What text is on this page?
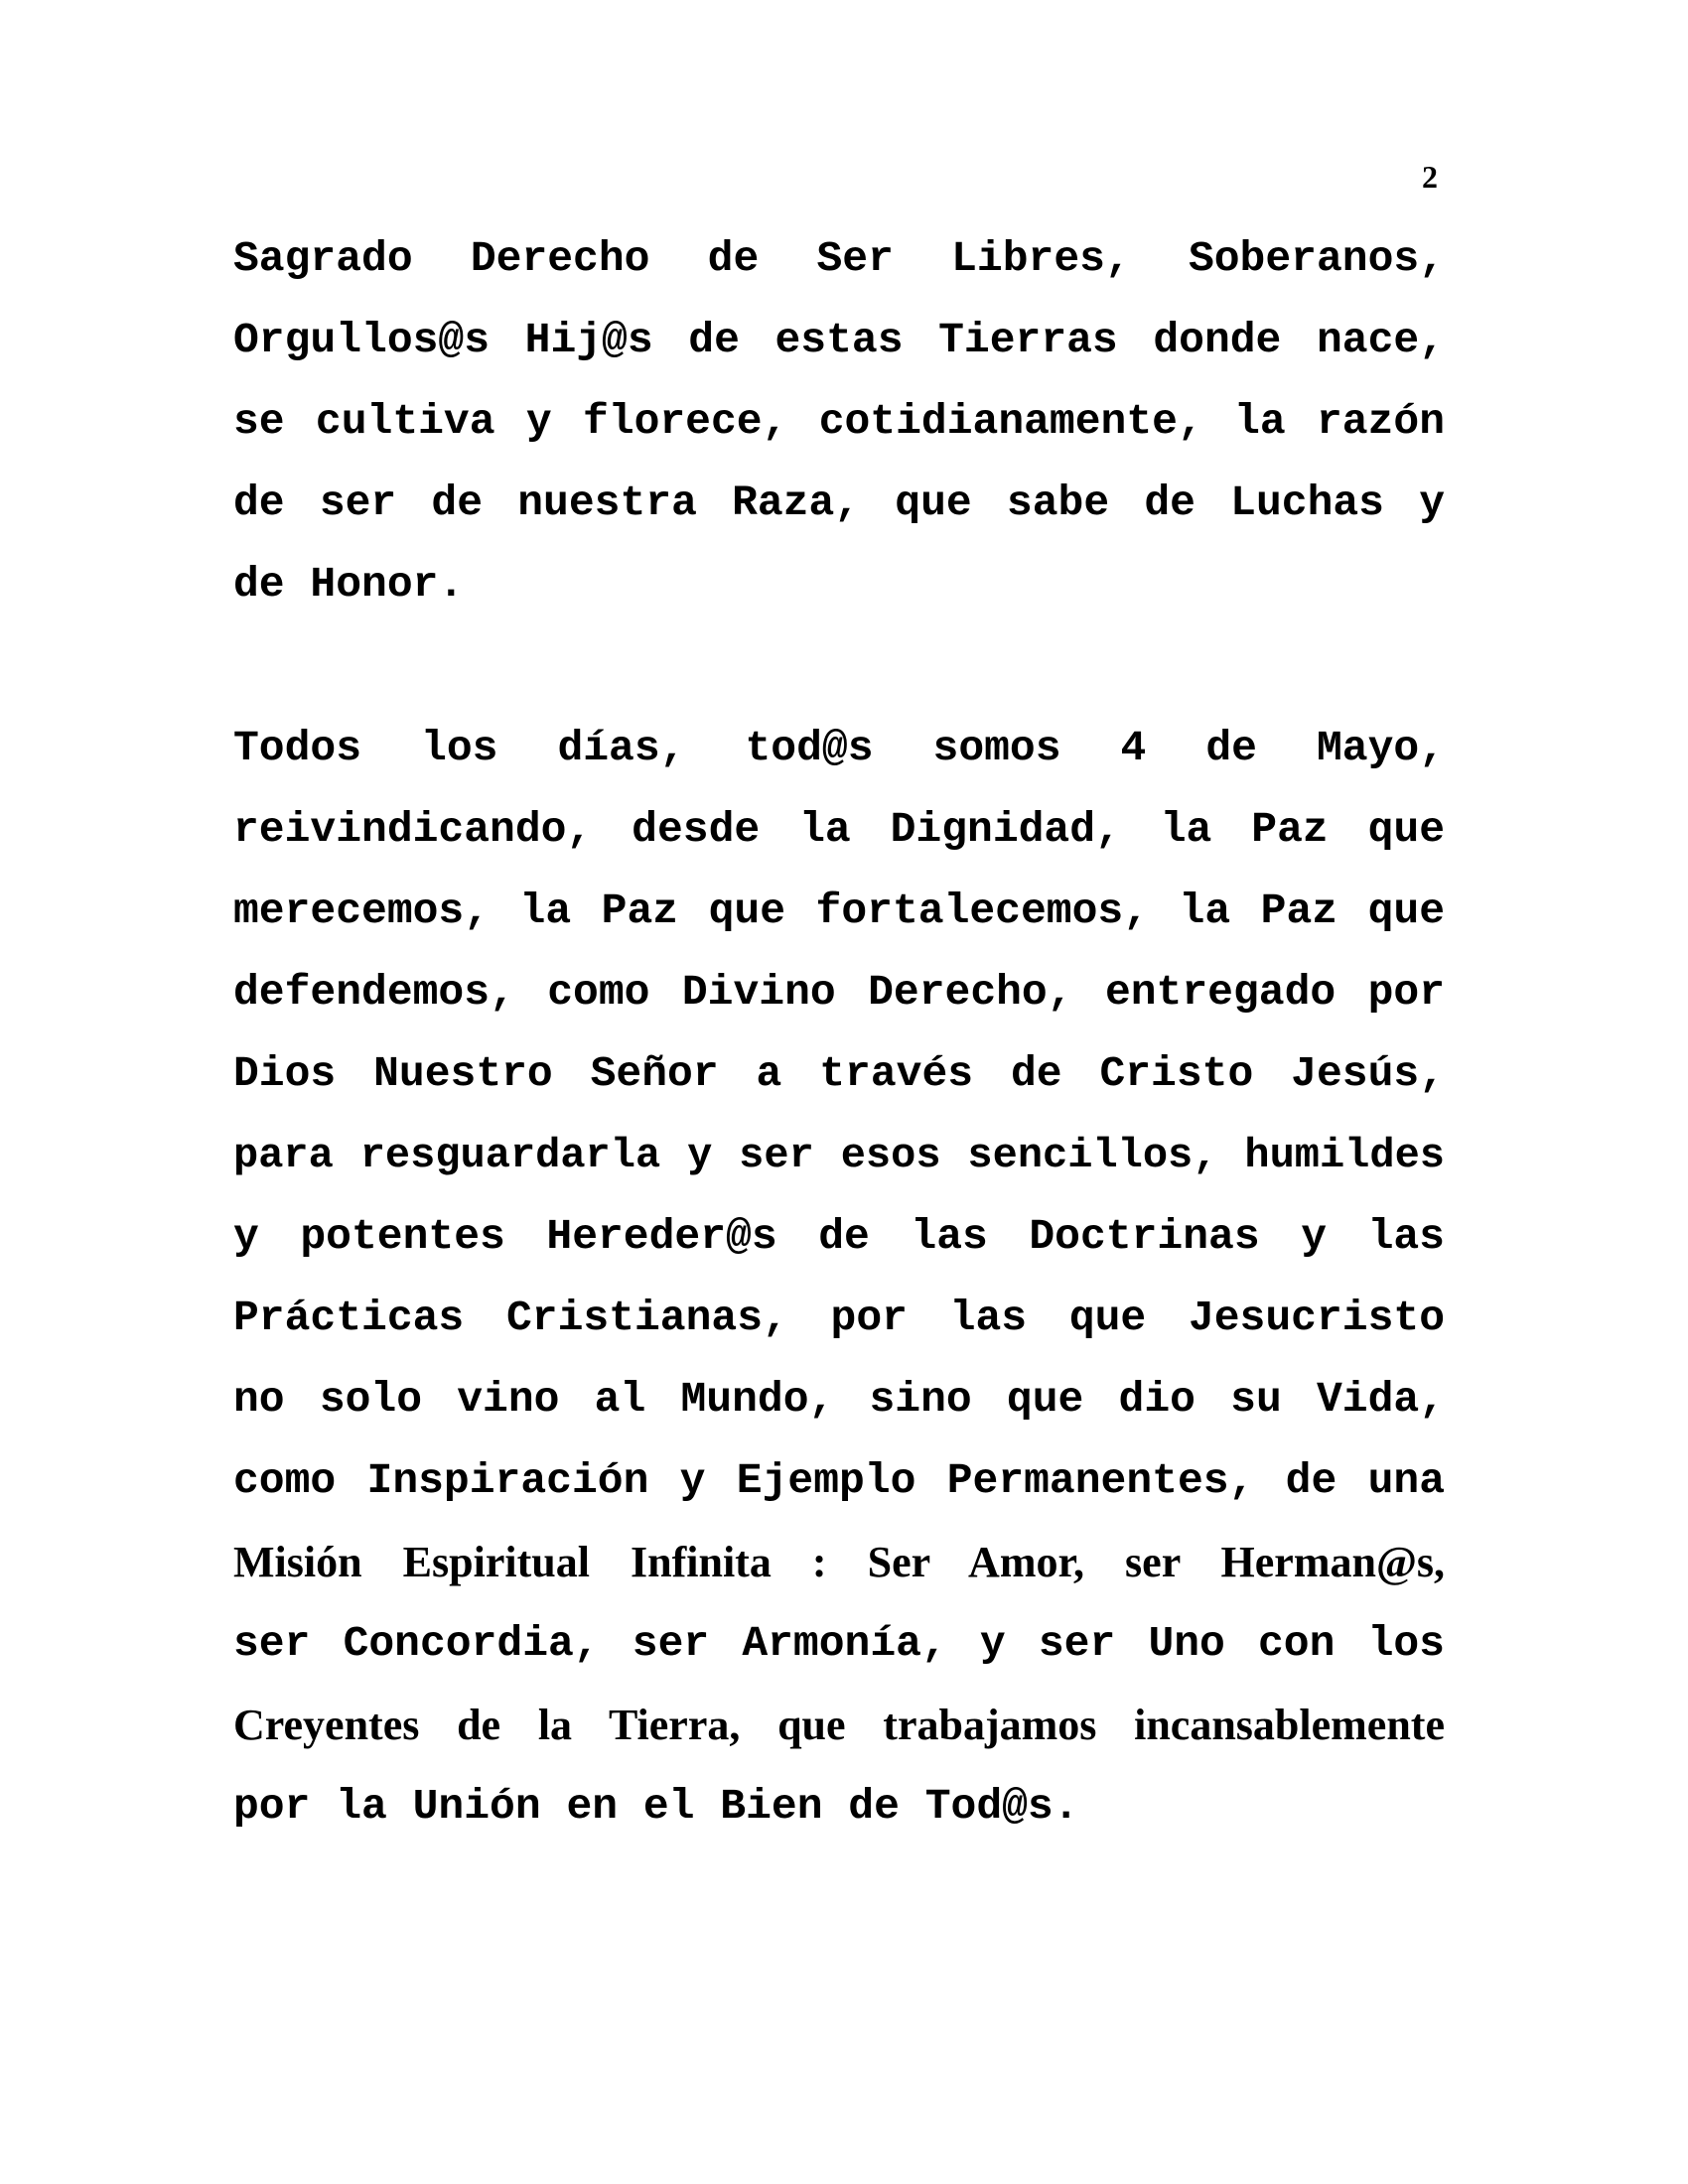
2
Sagrado Derecho de Ser Libres, Soberanos,
Orgullos@s Hij@s de estas Tierras donde nace,
se cultiva y florece, cotidianamente, la razón
de ser de nuestra Raza, que sabe de Luchas y
de Honor.
Todos los días, tod@s somos 4 de Mayo,
reivindicando, desde la Dignidad, la Paz que
merecemos, la Paz que fortalecemos, la Paz que
defendemos, como Divino Derecho, entregado por
Dios Nuestro Señor a través de Cristo Jesús,
para resguardarla y ser esos sencillos, humildes
y potentes Hereder@s de las Doctrinas y las
Prácticas Cristianas, por las que Jesucristo
no solo vino al Mundo, sino que dio su Vida,
como Inspiración y Ejemplo Permanentes, de una
Misión Espiritual Infinita : Ser Amor, ser Herman@s,
ser Concordia, ser Armonía, y ser Uno con los
Creyentes de la Tierra, que trabajamos incansablemente
por la Unión en el Bien de Tod@s.
